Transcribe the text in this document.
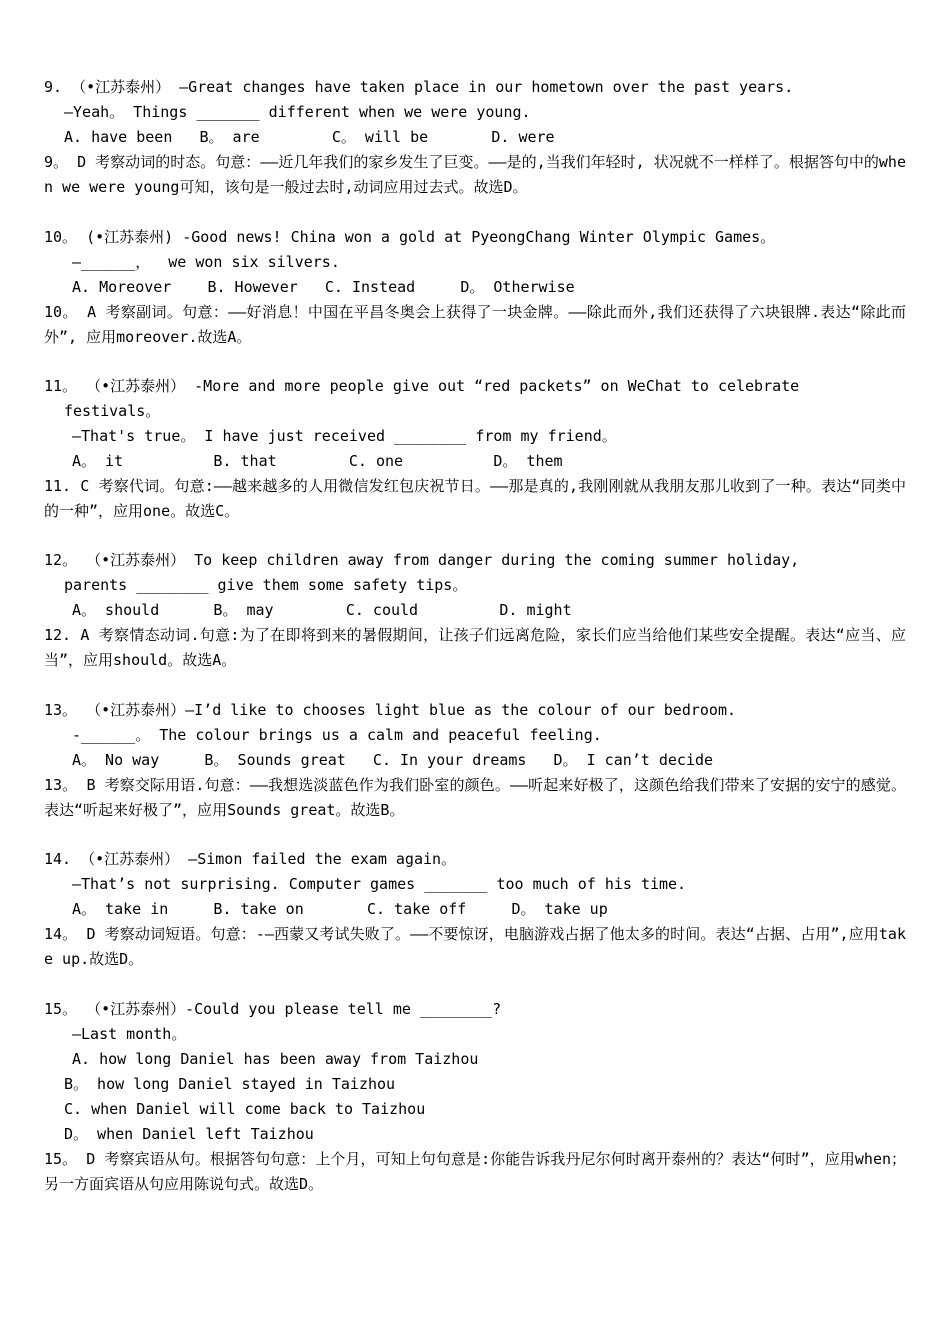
9. （•江苏泰州） —Great changes have taken place in our hometown over the past years.
—Yeah。 Things _______ different when we were young.
A. have been   B。 are        C。 will be       D. were
9。 D 考察动词的时态。句意：——近几年我们的家乡发生了巨变。——是的,当我们年轻时, 状况就不一样样了。根据答句中的when we were young可知，该句是一般过去时,动词应用过去式。故选D。
10。 (•江苏泰州) -Good news! China won a gold at PyeongChang Winter Olympic Games。
—______，  we won six silvers.
A. Moreover    B. However   C. Instead     D。 Otherwise
10。 A 考察副词。句意：——好消息！中国在平昌冬奥会上获得了一块金牌。——除此而外,我们还获得了六块银牌.表达“除此而外”, 应用moreover.故选A。
11。 （•江苏泰州） -More and more people give out “red packets” on WeChat to celebrate
festivals。
—That's true。 I have just received ________ from my friend。
A。 it          B. that        C. one          D。 them
11. C 考察代词。句意:——越来越多的人用微信发红包庆祝节日。——那是真的,我刚刚就从我朋友那儿收到了一种。表达“同类中的一种”，应用one。故选C。
12。 （•江苏泰州） To keep children away from danger during the coming summer holiday,
parents ________ give them some safety tips。
A。 should      B。 may        C. could         D. might
12. A 考察情态动词.句意:为了在即将到来的暑假期间，让孩子们远离危险，家长们应当给他们某些安全提醒。表达“应当、应当”，应用should。故选A。
13。 （•江苏泰州）—I’d like to chooses light blue as the colour of our bedroom.
-______。 The colour brings us a calm and peaceful feeling.
A。 No way     B。 Sounds great   C. In your dreams   D。 I can’t decide
13。 B 考察交际用语.句意：——我想选淡蓝色作为我们卧室的颜色。——听起来好极了，这颜色给我们带来了安据的安宁的感觉。表达“听起来好极了”，应用Sounds great。故选B。
14. （•江苏泰州） —Simon failed the exam again。
—That’s not surprising. Computer games _______ too much of his time.
A。 take in     B. take on       C. take off     D。 take up
14。 D 考察动词短语。句意：-—西蒙又考试失败了。——不要惊讶，电脑游戏占据了他太多的时间。表达“占据、占用”,应用take up.故选D。
15。 （•江苏泰州）-Could you please tell me ________?
—Last month。
A. how long Daniel has been away from Taizhou
B。 how long Daniel stayed in Taizhou
C. when Daniel will come back to Taizhou
D。 when Daniel left Taizhou
15。 D 考察宾语从句。根据答句句意：上个月，可知上句句意是:你能告诉我丹尼尔何时离开泰州的？表达“何时”，应用when；另一方面宾语从句应用陈说句式。故选D。
